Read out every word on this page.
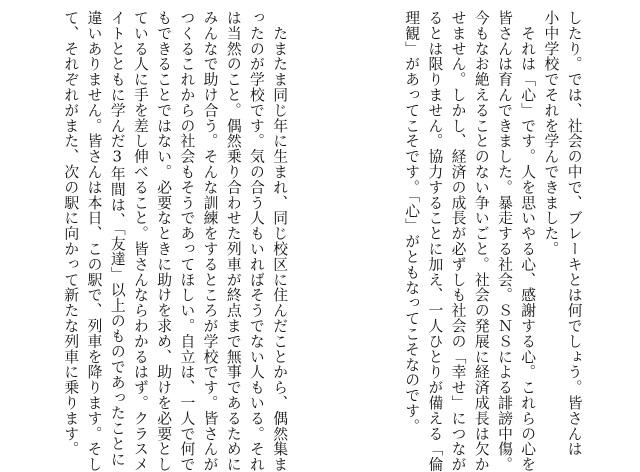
したり。では、社会の中で、ブレーキとは何でしょう。皆さんは
小中学校でそれを学んできました。
　それは「心」です。人を思いやる心、感謝する心。これらの心を
皆さんは育んできました。暴走する社会。ＳＮＳによる誹謗中傷。
今もなお絶えることのない争いごと。社会の発展に経済成長は欠か
せません。しかし、経済の成長が必ずしも社会の「幸せ」につなが
るとは限りません。協力することに加え、一人ひとりが備える「倫
理観」があってこそです。「心」がともなってこそなのです。

　たまたま同じ年に生まれ、同じ校区に住んだことから、偶然集ま
ったのが学校です。気の合う人もいればそうでない人もいる。それ
は当然のこと。偶然乗り合わせた列車が終点まで無事であるために
みんなで助け合う。そんな訓練をするところが学校です。皆さんが
つくるこれからの社会もそうであってほしい。自立は、一人で何で
もできることではない。必要なときに助けを求め、助けを必要とし
ている人に手を差し伸べること。皆さんならわかるはず。クラスメ
イトとともに学んだ3年間は、「友達」以上のものであったことに
違いありません。皆さんは本日、この駅で、列車を降ります。そし
て、それぞれがまた、次の駅に向かって新たな列車に乗ります。
